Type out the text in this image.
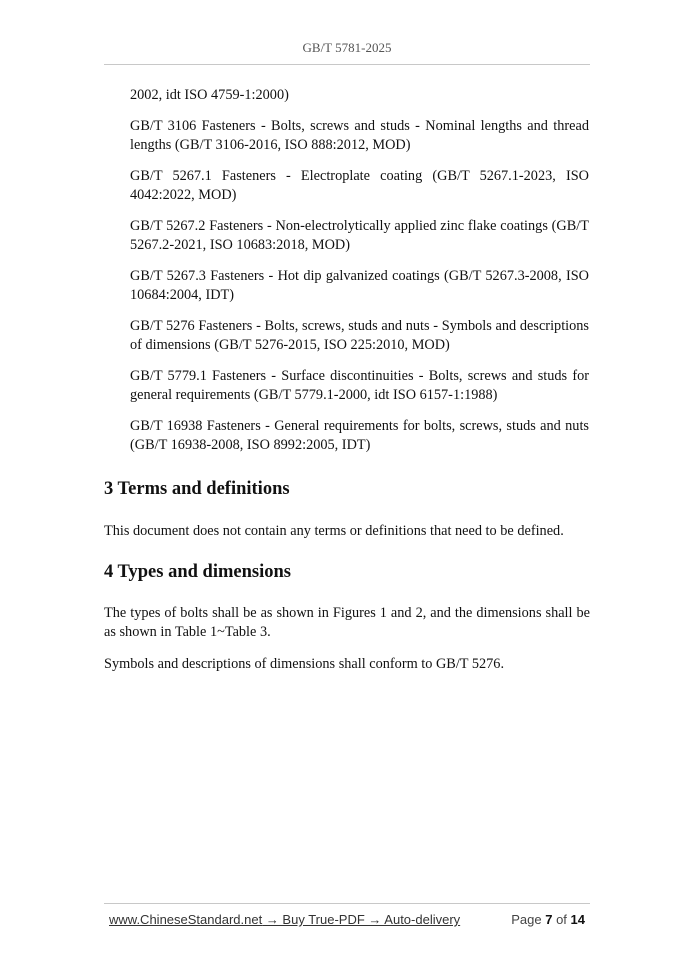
GB/T 5781-2025

2002, idt ISO 4759-1:2000)

GB/T 3106 Fasteners - Bolts, screws and studs - Nominal lengths and thread lengths (GB/T 3106-2016, ISO 888:2012, MOD)

GB/T 5267.1 Fasteners - Electroplate coating (GB/T 5267.1-2023, ISO 4042:2022, MOD)

GB/T 5267.2 Fasteners - Non-electrolytically applied zinc flake coatings (GB/T 5267.2-2021, ISO 10683:2018, MOD)

GB/T 5267.3 Fasteners - Hot dip galvanized coatings (GB/T 5267.3-2008, ISO 10684:2004, IDT)

GB/T 5276 Fasteners - Bolts, screws, studs and nuts - Symbols and descriptions of dimensions (GB/T 5276-2015, ISO 225:2010, MOD)

GB/T 5779.1 Fasteners - Surface discontinuities - Bolts, screws and studs for general requirements (GB/T 5779.1-2000, idt ISO 6157-1:1988)

GB/T 16938 Fasteners - General requirements for bolts, screws, studs and nuts (GB/T 16938-2008, ISO 8992:2005, IDT)

3 Terms and definitions

This document does not contain any terms or definitions that need to be defined.

4 Types and dimensions

The types of bolts shall be as shown in Figures 1 and 2, and the dimensions shall be as shown in Table 1~Table 3.

Symbols and descriptions of dimensions shall conform to GB/T 5276.

www.ChineseStandard.net → Buy True-PDF → Auto-delivery	Page 7 of 14
